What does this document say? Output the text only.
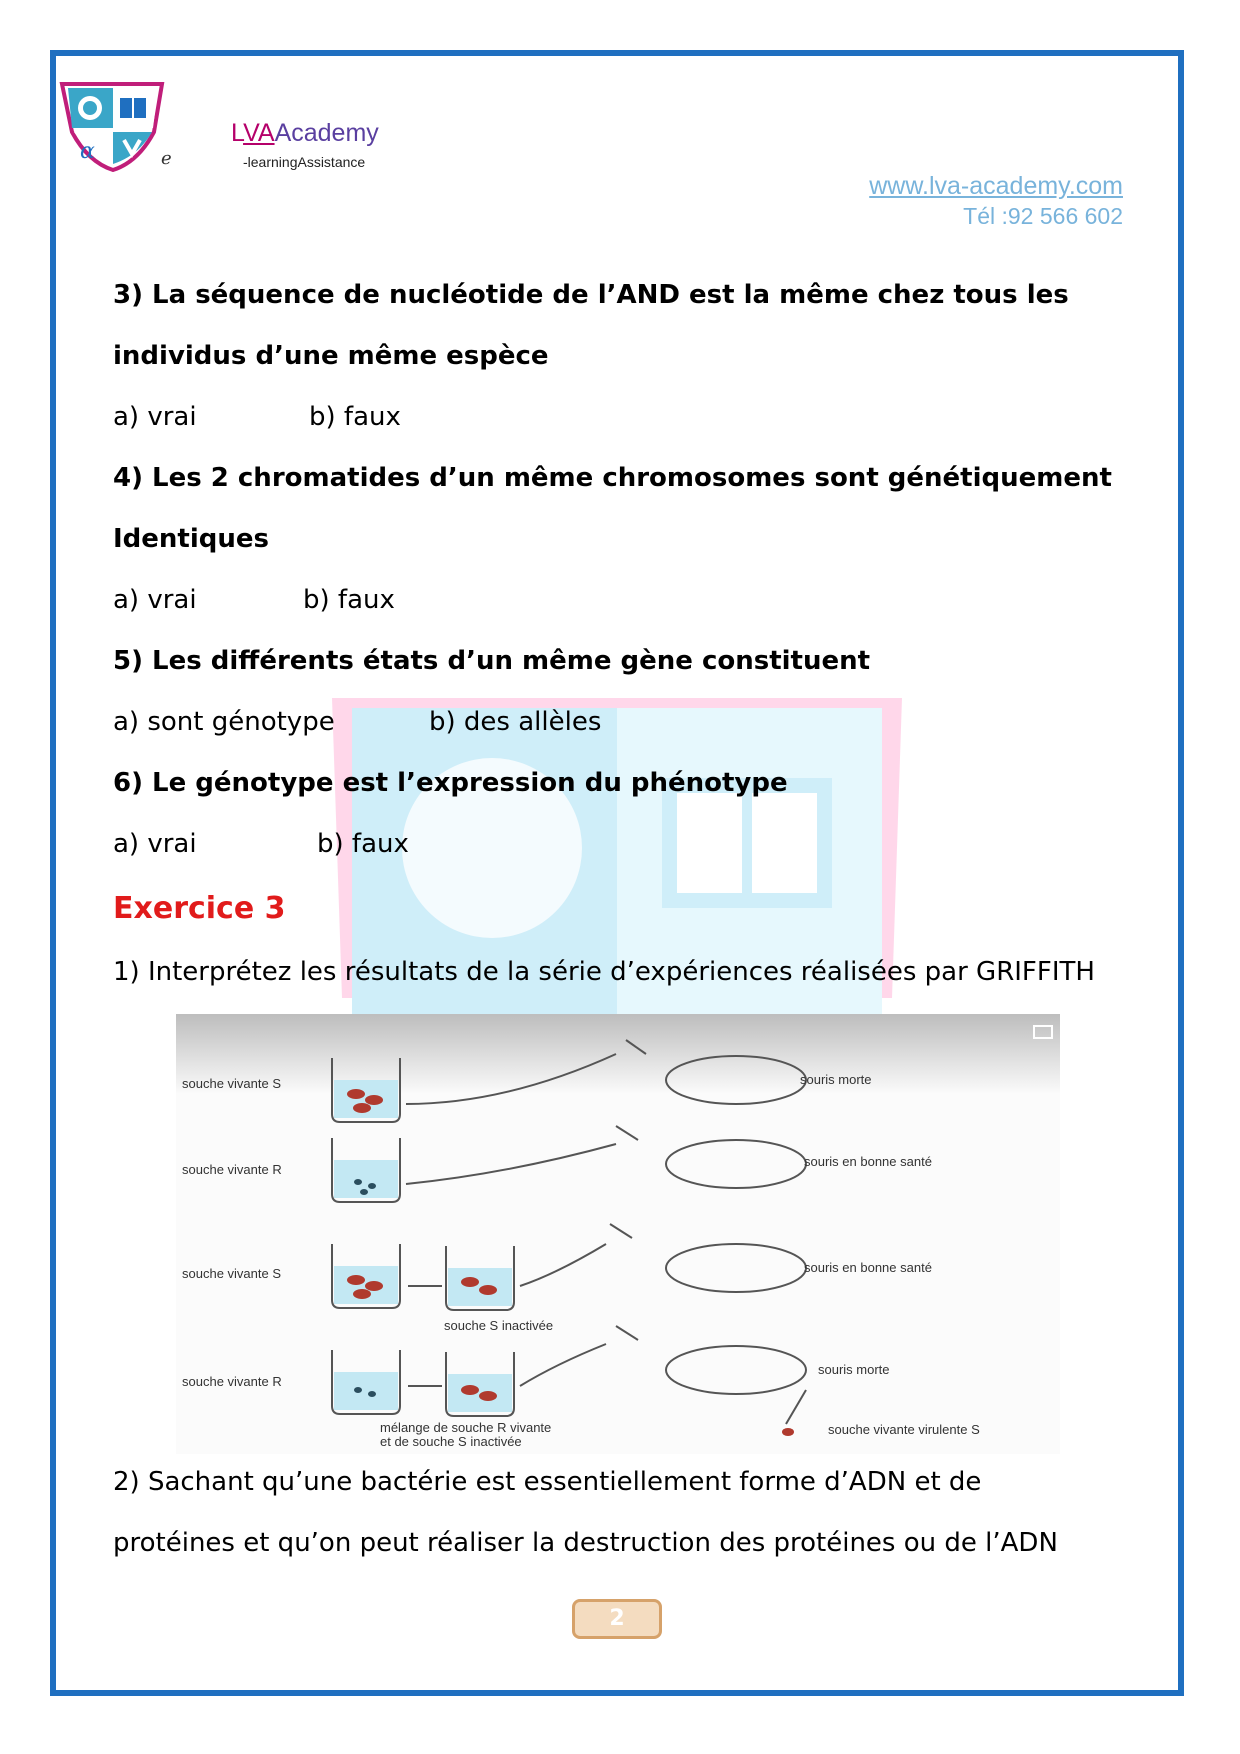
α	e
LVAAcademy
-learningAssistance
www.lva-academy.com
Tél :92 566 602
3) La séquence de nucléotide de l’AND est la même chez tous les
individus d’une même espèce
a) vrai	b) faux
4) Les 2 chromatides d’un même chromosomes sont génétiquement
Identiques
a) vrai	b) faux
5) Les différents états d’un même gène constituent
a) sont génotype	b) des allèles
6) Le génotype est l’expression du phénotype
a) vrai	b) faux
Exercice 3
1) Interprétez les résultats de la série d’expériences réalisées par GRIFFITH
2) Sachant qu’une bactérie est essentiellement forme d’ADN et de
protéines et qu’on peut réaliser la destruction des protéines ou de l’ADN
souche vivante S	souris morte
souche vivante R
souris en bonne santé
souche vivante S	souris en bonne santé
souche S inactivée
souche vivante R
souris morte
mélange de souche R vivante
et de souche S inactivée
souche vivante virulente S
2
